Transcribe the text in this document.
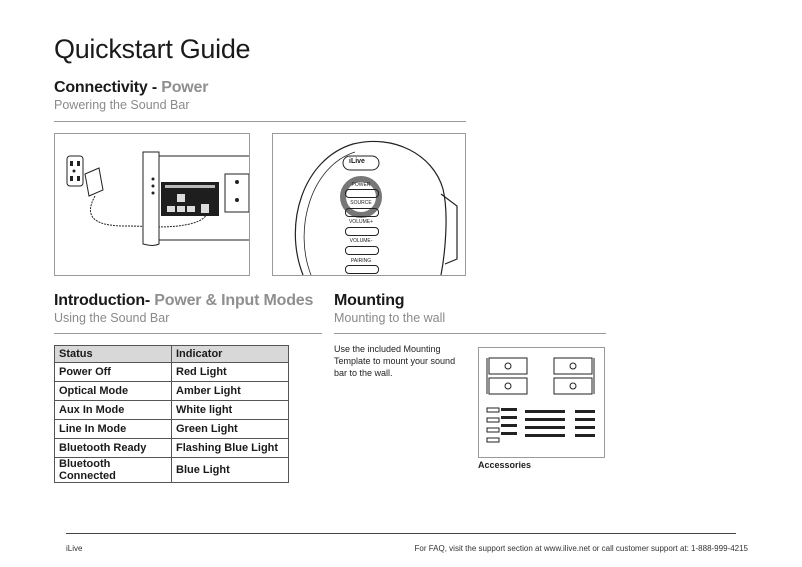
Quickstart Guide
Connectivity - Power
Powering the Sound Bar
iLive
POWER
SOURCE
VOLUME+
VOLUME-
PAIRING
Introduction- Power & Input Modes
Using the Sound Bar
Status	Indicator
Power Off	Red Light
Optical Mode	Amber Light
Aux In Mode	White light
Line In Mode	Green Light
Bluetooth Ready	Flashing Blue Light
Bluetooth Connected	Blue Light
Mounting
Mounting to the wall
Use the included Mounting Template to mount your sound bar to the wall.
Accessories
iLive	For FAQ, visit the support section at www.ilive.net or call customer support at: 1-888-999-4215
